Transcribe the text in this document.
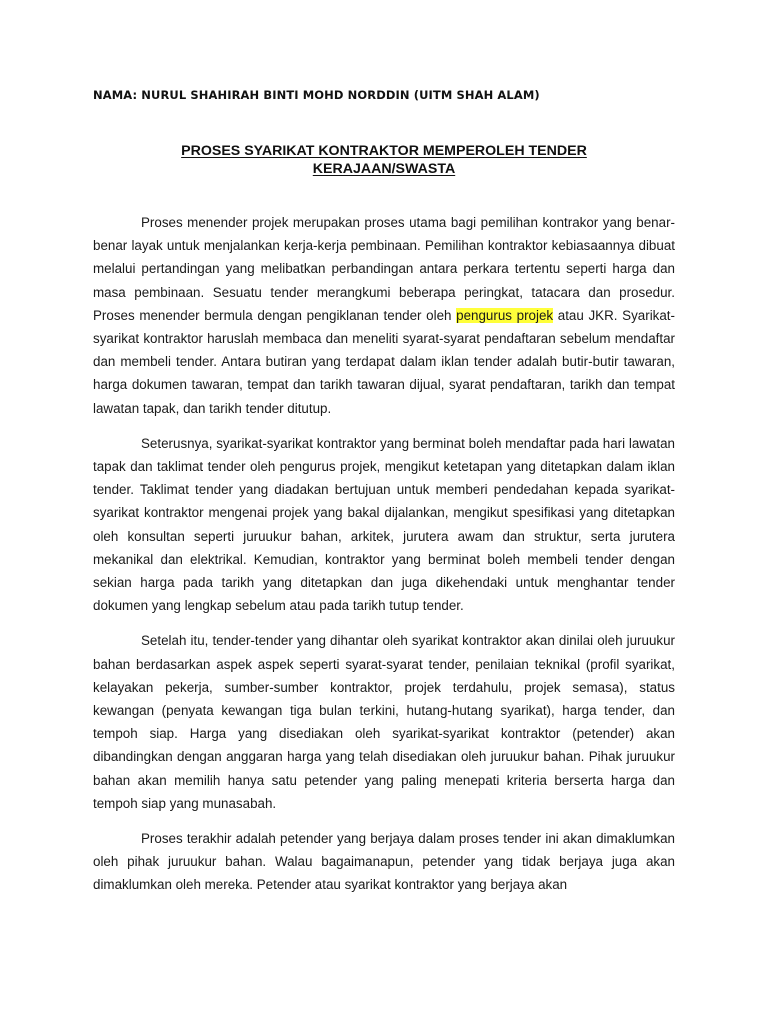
NAMA: NURUL SHAHIRAH BINTI MOHD NORDDIN (UITM SHAH ALAM)
PROSES SYARIKAT KONTRAKTOR MEMPEROLEH TENDER
KERAJAAN/SWASTA

Proses menender projek merupakan proses utama bagi pemilihan kontrakor yang benar-benar layak untuk menjalankan kerja-kerja pembinaan. Pemilihan kontraktor kebiasaannya dibuat melalui pertandingan yang melibatkan perbandingan antara perkara tertentu seperti harga dan masa pembinaan. Sesuatu tender merangkumi beberapa peringkat, tatacara dan prosedur. Proses menender bermula dengan pengiklanan tender oleh pengurus projek atau JKR. Syarikat-syarikat kontraktor haruslah membaca dan meneliti syarat-syarat pendaftaran sebelum mendaftar dan membeli tender. Antara butiran yang terdapat dalam iklan tender adalah butir-butir tawaran, harga dokumen tawaran, tempat dan tarikh tawaran dijual, syarat pendaftaran, tarikh dan tempat lawatan tapak, dan tarikh tender ditutup.

Seterusnya, syarikat-syarikat kontraktor yang berminat boleh mendaftar pada hari lawatan tapak dan taklimat tender oleh pengurus projek, mengikut ketetapan yang ditetapkan dalam iklan tender. Taklimat tender yang diadakan bertujuan untuk memberi pendedahan kepada syarikat-syarikat kontraktor mengenai projek yang bakal dijalankan, mengikut spesifikasi yang ditetapkan oleh konsultan seperti juruukur bahan, arkitek, jurutera awam dan struktur, serta jurutera mekanikal dan elektrikal. Kemudian, kontraktor yang berminat boleh membeli tender dengan sekian harga pada tarikh yang ditetapkan dan juga dikehendaki untuk menghantar tender dokumen yang lengkap sebelum atau pada tarikh tutup tender.

Setelah itu, tender-tender yang dihantar oleh syarikat kontraktor akan dinilai oleh juruukur bahan berdasarkan aspek aspek seperti syarat-syarat tender, penilaian teknikal (profil syarikat, kelayakan pekerja, sumber-sumber kontraktor, projek terdahulu, projek semasa), status kewangan (penyata kewangan tiga bulan terkini, hutang-hutang syarikat), harga tender, dan tempoh siap. Harga yang disediakan oleh syarikat-syarikat kontraktor (petender) akan dibandingkan dengan anggaran harga yang telah disediakan oleh juruukur bahan. Pihak juruukur bahan akan memilih hanya satu petender yang paling menepati kriteria berserta harga dan tempoh siap yang munasabah.

Proses terakhir adalah petender yang berjaya dalam proses tender ini akan dimaklumkan oleh pihak juruukur bahan. Walau bagaimanapun, petender yang tidak berjaya juga akan dimaklumkan oleh mereka. Petender atau syarikat kontraktor yang berjaya akan
